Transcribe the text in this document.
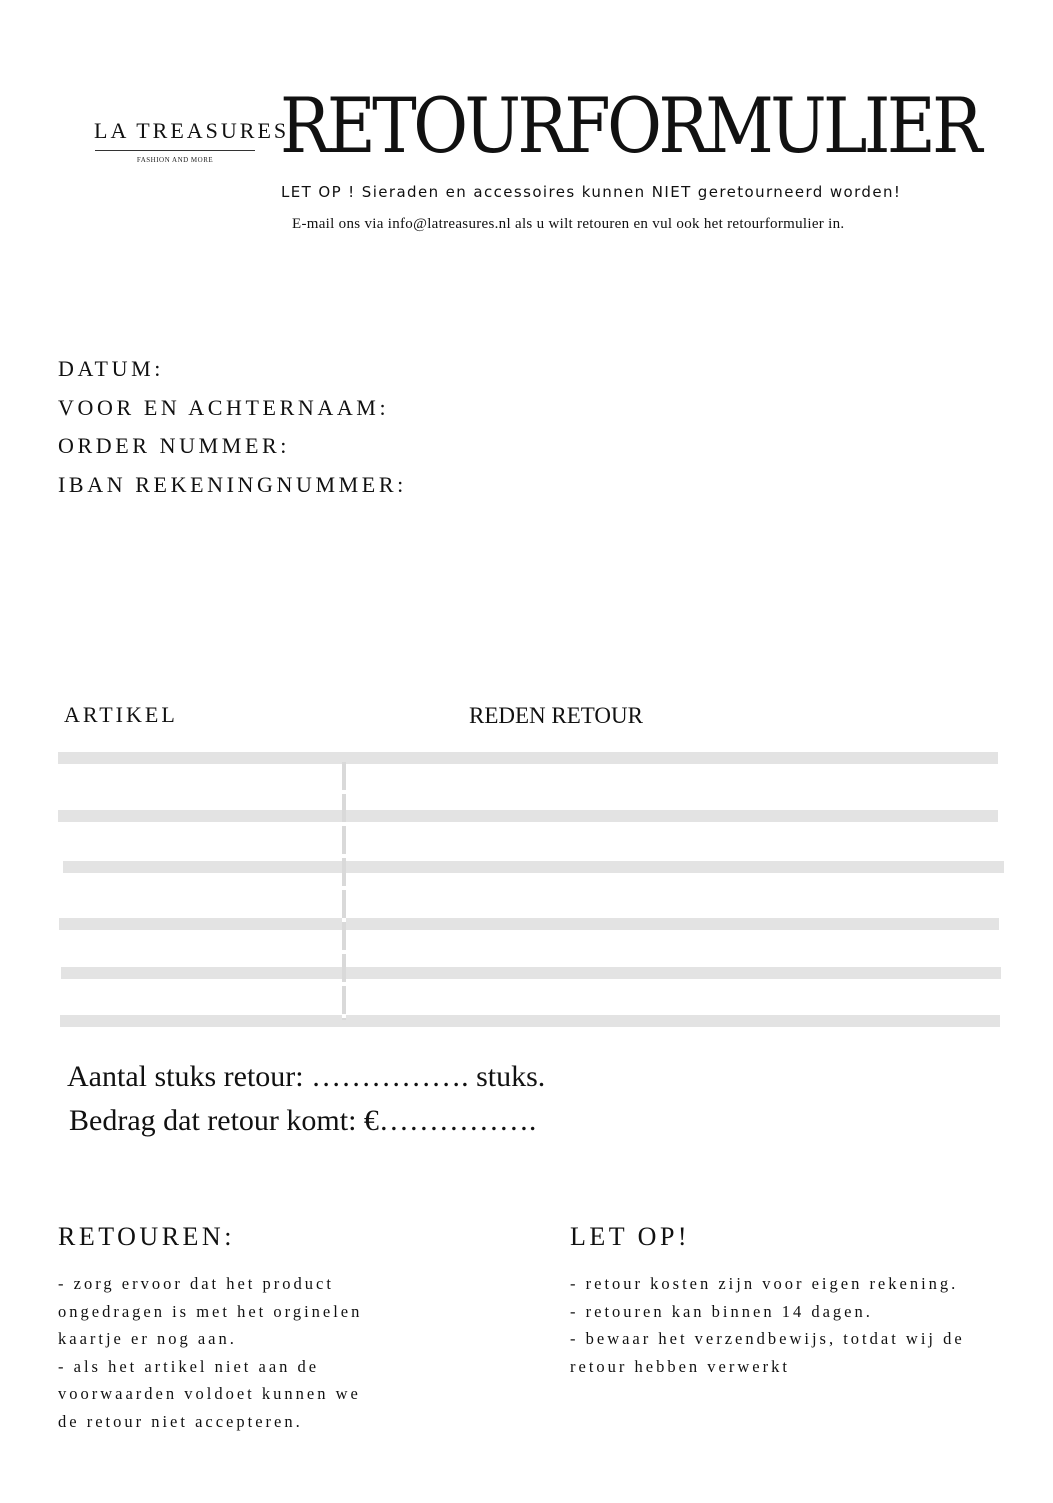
LA TREASURES
FASHION AND MORE RETOURFORMULIER
LET OP ! Sieraden en accessoires kunnen NIET geretourneerd worden!
E-mail ons via info@latreasures.nl als u wilt retouren en vul ook het retourformulier in.
DATUM:
VOOR EN ACHTERNAAM:
ORDER NUMMER:
IBAN REKENINGNUMMER:
ARTIKEL	REDEN RETOUR
Aantal stuks retour: ……………. stuks.
Bedrag dat retour komt: €…………….
RETOUREN:
- zorg ervoor dat het product
ongedragen is met het orginelen
kaartje er nog aan.
- als het artikel niet aan de
voorwaarden voldoet kunnen we
de retour niet accepteren.
LET OP!
- retour kosten zijn voor eigen rekening.
- retouren kan binnen 14 dagen.
- bewaar het verzendbewijs, totdat wij de
retour hebben verwerkt
